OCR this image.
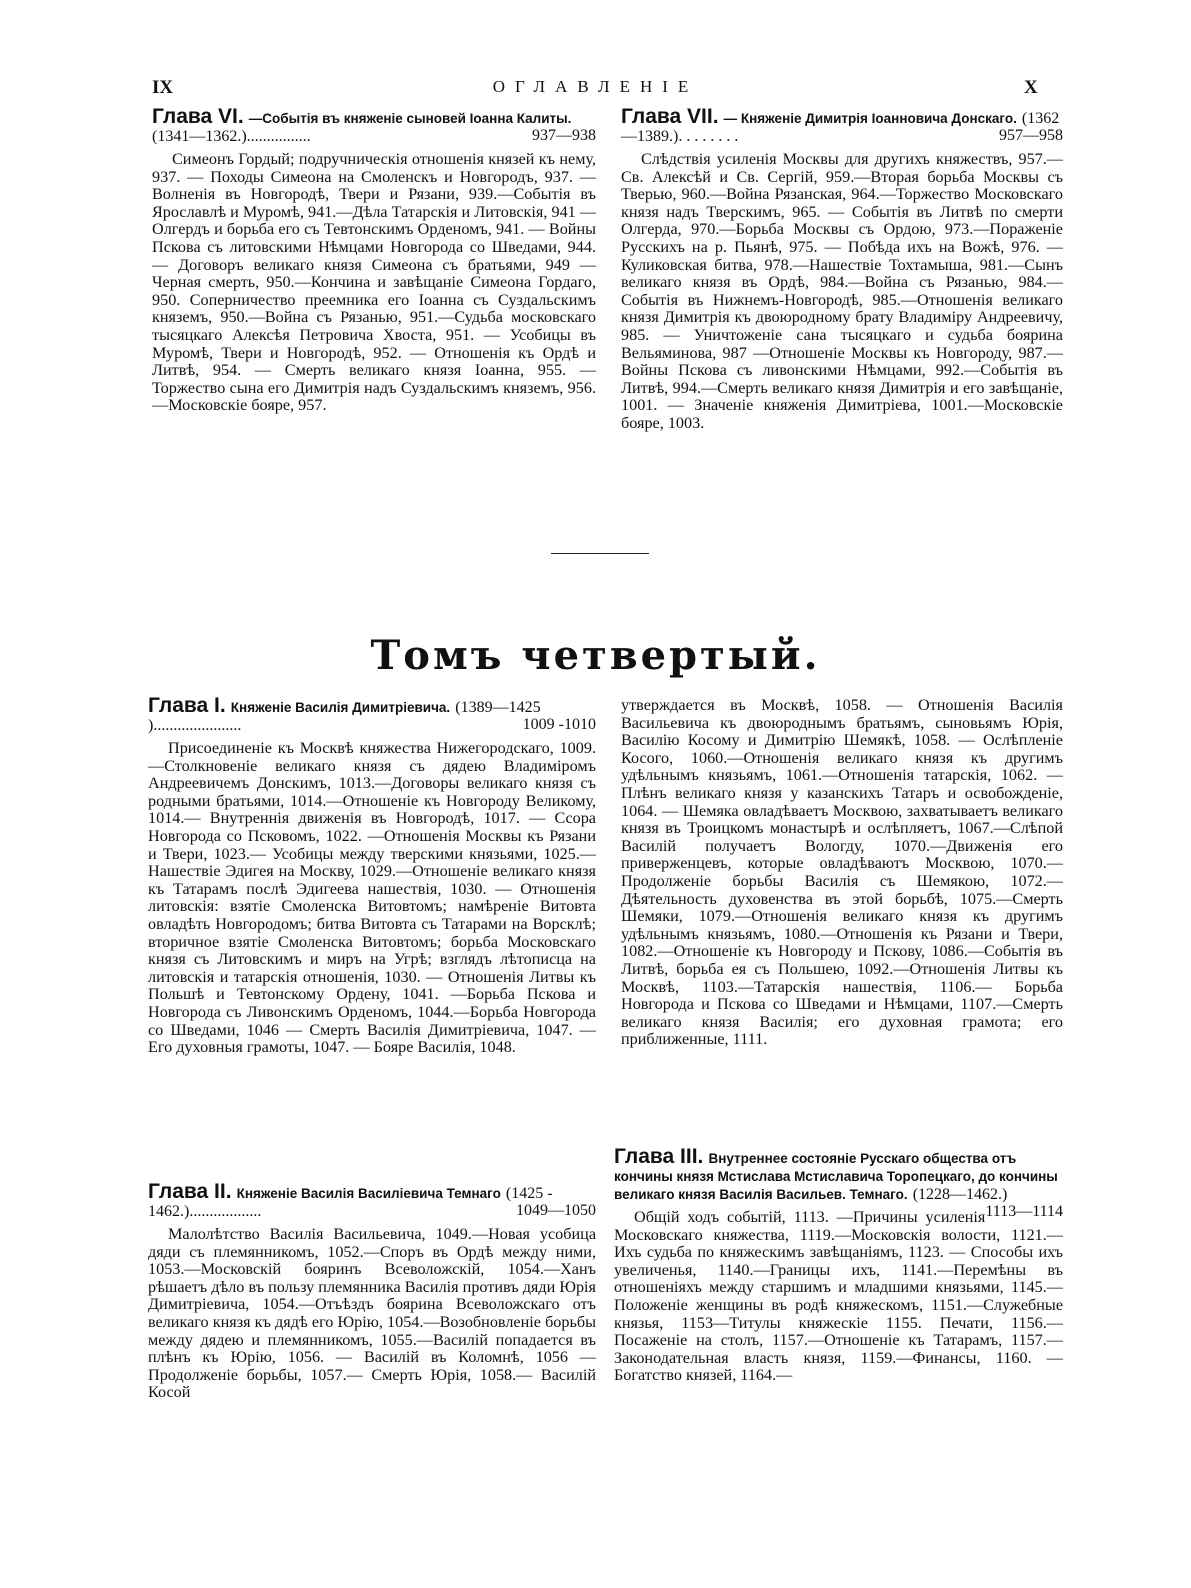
IX	ОГЛАВЛЕНІЕ	X

Глава VI. —Событія въ княженіе сыновей Іоанна Калиты. (1341—1362.)................	937—938

Симеонъ Гордый; подручническія отношенія князей къ нему, 937. — Походы Симеона на Смоленскъ и Новгородъ, 937. — Волненія въ Новгородѣ, Твери и Рязани, 939.—Событія въ Ярославлѣ и Муромѣ, 941.—Дѣла Татарскія и Литовскія, 941 —Олгердъ и борьба его съ Тевтонскимъ Орденомъ, 941. — Войны Пскова съ литовскими Нѣмцами Новгорода со Шведами, 944. — Договоръ великаго князя Симеона съ братьями, 949 —Черная смерть, 950.—Кончина и завѣщаніе Симеона Гордаго, 950. Соперничество преемника его Іоанна съ Суздальскимъ княземъ, 950.—Война съ Рязанью, 951.—Судьба московскаго тысяцкаго Алексѣя Петровича Хвоста, 951. — Усобицы въ Муромѣ, Твери и Новгородѣ, 952. — Отношенія къ Ордѣ и Литвѣ, 954. — Смерть великаго князя Іоанна, 955. — Торжество сына его Димитрія надъ Суздальскимъ княземъ, 956. —Московскіе бояре, 957.

Глава VII. — Княженіе Димитрія Іоанновича Донскаго. (1362—1389.). . . . . . . .	957—958

Слѣдствія усиленія Москвы для другихъ княжествъ, 957.—Св. Алексѣй и Св. Сергій, 959.—Вторая борьба Москвы съ Тверью, 960.—Война Рязанская, 964.—Торжество Московскаго князя надъ Тверскимъ, 965. — Событія въ Литвѣ по смерти Олгерда, 970.—Борьба Москвы съ Ордою, 973.—Пораженіе Русскихъ на р. Пьянѣ, 975. — Побѣда ихъ на Вожѣ, 976. — Куликовская битва, 978.—Нашествіе Тохтамыша, 981.—Сынъ великаго князя въ Ордѣ, 984.—Война съ Рязанью, 984.—Событія въ Нижнемъ-Новгородѣ, 985.—Отношенія великаго князя Димитрія къ двоюродному брату Владиміру Андреевичу, 985. — Уничтоженіе сана тысяцкаго и судьба боярина Вельяминова, 987 —Отношеніе Москвы къ Новгороду, 987.—Войны Пскова съ ливонскими Нѣмцами, 992.—Событія въ Литвѣ, 994.—Смерть великаго князя Димитрія и его завѣщаніе, 1001. — Значеніе княженія Димитріева, 1001.—Московскіе бояре, 1003.

Томъ четвертый.

Глава I. Княженіе Василія Димитріевича. (1389—1425 )......................	1009 -1010

Присоединеніе къ Москвѣ княжества Нижегородскаго, 1009.—Столкновеніе великаго князя съ дядею Владиміромъ Андреевичемъ Донскимъ, 1013.—Договоры великаго князя съ родными братьями, 1014.—Отношеніе къ Новгороду Великому, 1014.— Внутреннія движенія въ Новгородѣ, 1017. — Ссора Новгорода со Псковомъ, 1022. —Отношенія Москвы къ Рязани и Твери, 1023.— Усобицы между тверскими князьями, 1025.—Нашествіе Эдигея на Москву, 1029.—Отношеніе великаго князя къ Татарамъ послѣ Эдигеева нашествія, 1030. — Отношенія литовскія: взятіе Смоленска Витовтомъ; намѣреніе Витовта овладѣть Новгородомъ; битва Витовта съ Татарами на Ворсклѣ; вторичное взятіе Смоленска Витовтомъ; борьба Московскаго князя съ Литовскимъ и миръ на Угрѣ; взглядъ лѣтописца на литовскія и татарскія отношенія, 1030. — Отношенія Литвы къ Польшѣ и Тевтонскому Ордену, 1041. —Борьба Пскова и Новгорода съ Ливонскимъ Орденомъ, 1044.—Борьба Новгорода со Шведами, 1046 — Смерть Василія Димитріевича, 1047. — Его духовныя грамоты, 1047. — Бояре Василія, 1048.

Глава II. Княженіе Василія Василіевича Темнаго (1425 - 1462.)..................	1049—1050

Малолѣтство Василія Васильевича, 1049.—Новая усобица дяди съ племянникомъ, 1052.—Споръ въ Ордѣ между ними, 1053.—Московскій бояринъ Всеволожскій, 1054.—Ханъ рѣшаетъ дѣло въ пользу племянника Василія противъ дяди Юрія Димитріевича, 1054.—Отъѣздъ боярина Всеволожскаго отъ великаго князя къ дядѣ его Юрію, 1054.—Возобновленіе борьбы между дядею и племянникомъ, 1055.—Василій попадается въ плѣнъ къ Юрію, 1056. — Василій въ Коломнѣ, 1056 — Продолженіе борьбы, 1057.— Смерть Юрія, 1058.— Василій Косой

утверждается въ Москвѣ, 1058. — Отношенія Василія Васильевича къ двоюроднымъ братьямъ, сыновьямъ Юрія, Василію Косому и Димитрію Шемякѣ, 1058. — Ослѣпленіе Косого, 1060.—Отношенія великаго князя къ другимъ удѣльнымъ князьямъ, 1061.—Отношенія татарскія, 1062. — Плѣнъ великаго князя у казанскихъ Татаръ и освобожденіе, 1064. — Шемяка овладѣваетъ Москвою, захватываетъ великаго князя въ Троицкомъ монастырѣ и ослѣпляетъ, 1067.—Слѣпой Василій получаетъ Вологду, 1070.—Движенія его приверженцевъ, которые овладѣваютъ Москвою, 1070.—Продолженіе борьбы Василія съ Шемякою, 1072.—Дѣятельность духовенства въ этой борьбѣ, 1075.—Смерть Шемяки, 1079.—Отношенія великаго князя къ другимъ удѣльнымъ князьямъ, 1080.—Отношенія къ Рязани и Твери, 1082.—Отношеніе къ Новгороду и Пскову, 1086.—Событія въ Литвѣ, борьба ея съ Польшею, 1092.—Отношенія Литвы къ Москвѣ, 1103.—Татарскія нашествія, 1106.— Борьба Новгорода и Пскова со Шведами и Нѣмцами, 1107.—Смерть великаго князя Василія; его духовная грамота; его приближенные, 1111.

Глава III. Внутреннее состояніе Русскаго общества отъ кончины князя Мстислава Мстиславича Торопецкаго, до кончины великаго князя Василія Васильев. Темнаго. (1228—1462.)
1113—1114

Общій ходъ событій, 1113. —Причины усиленія Московскаго княжества, 1119.—Московскія волости, 1121.—Ихъ судьба по княжескимъ завѣщаніямъ, 1123. — Способы ихъ увеличенья, 1140.—Границы ихъ, 1141.—Перемѣны въ отношеніяхъ между старшимъ и младшими князьями, 1145.—Положеніе женщины въ родѣ княжескомъ, 1151.—Служебные князья, 1153—Титулы княжескіе 1155. Печати, 1156.— Посаженіе на столъ, 1157.—Отношеніе къ Татарамъ, 1157.—Законодательная власть князя, 1159.—Финансы, 1160. — Богатство князей, 1164.—
